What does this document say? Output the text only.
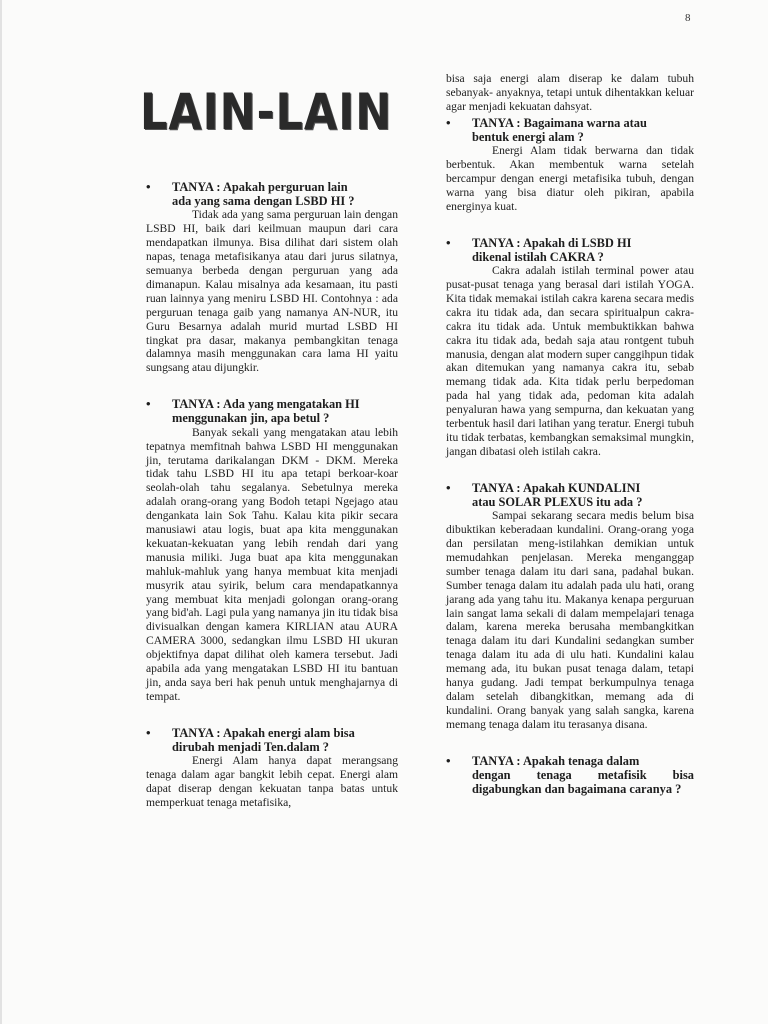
8
LAIN-LAIN
• TANYA : Apakah perguruan lain
ada yang sama dengan LSBD HI ?

Tidak ada yang sama perguruan lain dengan LSBD HI, baik dari keilmuan maupun dari cara mendapatkan ilmunya. Bisa dilihat dari sistem olah napas, tenaga metafisikanya atau dari jurus silatnya, semuanya berbeda dengan perguruan yang ada dimanapun. Kalau misalnya ada kesamaan, itu pasti ruan lainnya yang meniru LSBD HI. Contohnya : ada perguruan tenaga gaib yang namanya AN-NUR, itu Guru Besarnya adalah murid murtad LSBD HI tingkat pra dasar, makanya pembangkitan tenaga dalamnya masih menggunakan cara lama HI yaitu sungsang atau dijungkir.

• TANYA : Ada yang mengatakan HI
menggunakan jin, apa betul ?

Banyak sekali yang mengatakan atau lebih tepatnya memfitnah bahwa LSBD HI menggunakan jin, terutama darikalangan DKM - DKM. Mereka tidak tahu LSBD HI itu apa tetapi berkoar-koar seolah-olah tahu segalanya. Sebetulnya mereka adalah orang-orang yang Bodoh tetapi Ngejago atau dengankata lain Sok Tahu. Kalau kita pikir secara manusiawi atau logis, buat apa kita menggunakan kekuatan-kekuatan yang lebih rendah dari yang manusia miliki. Juga buat apa kita menggunakan mahluk-mahluk yang hanya membuat kita menjadi musyrik atau syirik, belum cara mendapatkannya yang membuat kita menjadi golongan orang-orang yang bid'ah. Lagi pula yang namanya jin itu tidak bisa divisualkan dengan kamera KIRLIAN atau AURA CAMERA 3000, sedangkan ilmu LSBD HI ukuran objektifnya dapat dilihat oleh kamera tersebut. Jadi apabila ada yang mengatakan LSBD HI itu bantuan jin, anda saya beri hak penuh untuk menghajarnya di tempat.

• TANYA : Apakah energi alam bisa
dirubah menjadi Ten.dalam ?

Energi Alam hanya dapat merangsang tenaga dalam agar bangkit lebih cepat. Energi alam dapat diserap dengan kekuatan tanpa batas untuk memperkuat tenaga metafisika,

bisa saja energi alam diserap ke dalam tubuh sebanyak- anyaknya, tetapi untuk dihentakkan keluar agar menjadi kekuatan dahsyat.

• TANYA : Bagaimana warna atau
bentuk energi alam ?

Energi Alam tidak berwarna dan tidak berbentuk. Akan membentuk warna setelah bercampur dengan energi metafisika tubuh, dengan warna yang bisa diatur oleh pikiran, apabila energinya kuat.

• TANYA : Apakah di LSBD HI
dikenal istilah CAKRA ?

Cakra adalah istilah terminal power atau pusat-pusat tenaga yang berasal dari istilah YOGA. Kita tidak memakai istilah cakra karena secara medis cakra itu tidak ada, dan secara spiritualpun cakra-cakra itu tidak ada. Untuk membuktikkan bahwa cakra itu tidak ada, bedah saja atau rontgent tubuh manusia, dengan alat modern super canggihpun tidak akan ditemukan yang namanya cakra itu, sebab memang tidak ada. Kita tidak perlu berpedoman pada hal yang tidak ada, pedoman kita adalah penyaluran hawa yang sempurna, dan kekuatan yang terbentuk hasil dari latihan yang teratur. Energi tubuh itu tidak terbatas, kembangkan semaksimal mungkin, jangan dibatasi oleh istilah cakra.

• TANYA : Apakah KUNDALINI
atau SOLAR PLEXUS itu ada ?

Sampai sekarang secara medis belum bisa dibuktikan keberadaan kundalini. Orang-orang yoga dan persilatan meng-istilahkan demikian untuk memudahkan penjelasan. Mereka menganggap sumber tenaga dalam itu dari sana, padahal bukan. Sumber tenaga dalam itu adalah pada ulu hati, orang jarang ada yang tahu itu. Makanya kenapa perguruan lain sangat lama sekali di dalam mempelajari tenaga dalam, karena mereka berusaha membangkitkan tenaga dalam itu dari Kundalini sedangkan sumber tenaga dalam itu ada di ulu hati. Kundalini kalau memang ada, itu bukan pusat tenaga dalam, tetapi hanya gudang. Jadi tempat berkumpulnya tenaga dalam setelah dibangkitkan, memang ada di kundalini. Orang banyak yang salah sangka, karena memang tenaga dalam itu terasanya disana.

• TANYA : Apakah tenaga dalam
dengan tenaga metafisik bisa digabungkan dan bagaimana caranya ?
